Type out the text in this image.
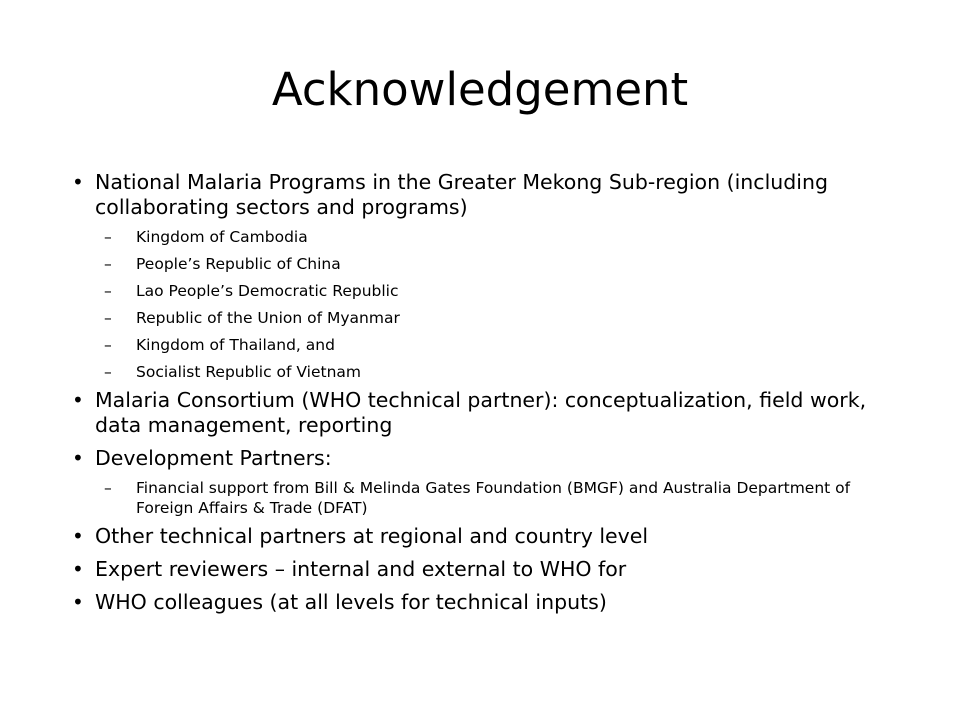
Acknowledgement
• National Malaria Programs in the Greater Mekong Sub-region (including collaborating sectors and programs)
– Kingdom of Cambodia
– People’s Republic of China
– Lao People’s Democratic Republic
– Republic of the Union of Myanmar
– Kingdom of Thailand, and
– Socialist Republic of Vietnam
• Malaria Consortium (WHO technical partner): conceptualization, field work, data management, reporting
• Development Partners:
– Financial support from Bill & Melinda Gates Foundation (BMGF) and Australia Department of Foreign Affairs & Trade (DFAT)
• Other technical partners at regional and country level
• Expert reviewers – internal and external to WHO for
• WHO colleagues (at all levels for technical inputs)
